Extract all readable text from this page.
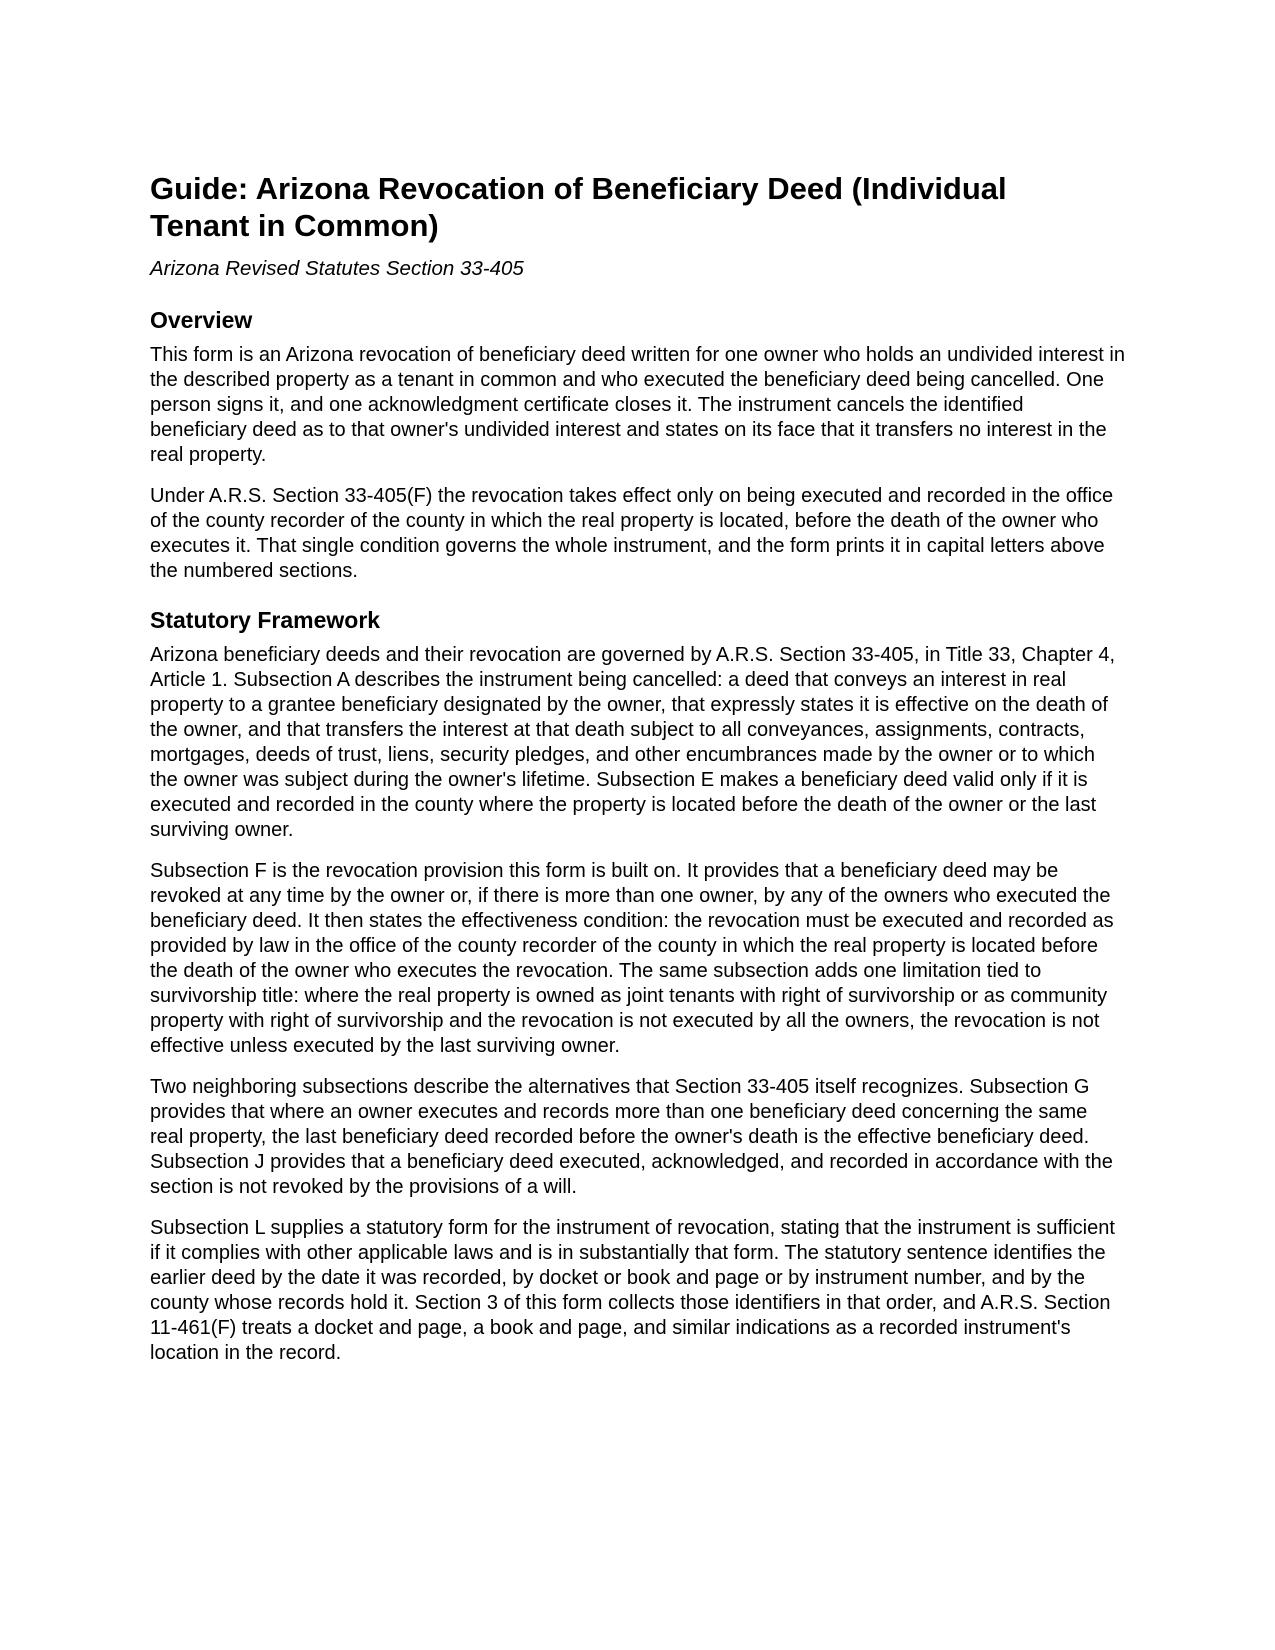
Guide: Arizona Revocation of Beneficiary Deed (Individual Tenant in Common)
Arizona Revised Statutes Section 33-405
Overview

This form is an Arizona revocation of beneficiary deed written for one owner who holds an undivided interest in the described property as a tenant in common and who executed the beneficiary deed being cancelled. One person signs it, and one acknowledgment certificate closes it. The instrument cancels the identified beneficiary deed as to that owner's undivided interest and states on its face that it transfers no interest in the real property.

Under A.R.S. Section 33-405(F) the revocation takes effect only on being executed and recorded in the office of the county recorder of the county in which the real property is located, before the death of the owner who executes it. That single condition governs the whole instrument, and the form prints it in capital letters above the numbered sections.

Statutory Framework

Arizona beneficiary deeds and their revocation are governed by A.R.S. Section 33-405, in Title 33, Chapter 4, Article 1. Subsection A describes the instrument being cancelled: a deed that conveys an interest in real property to a grantee beneficiary designated by the owner, that expressly states it is effective on the death of the owner, and that transfers the interest at that death subject to all conveyances, assignments, contracts, mortgages, deeds of trust, liens, security pledges, and other encumbrances made by the owner or to which the owner was subject during the owner's lifetime. Subsection E makes a beneficiary deed valid only if it is executed and recorded in the county where the property is located before the death of the owner or the last surviving owner.

Subsection F is the revocation provision this form is built on. It provides that a beneficiary deed may be revoked at any time by the owner or, if there is more than one owner, by any of the owners who executed the beneficiary deed. It then states the effectiveness condition: the revocation must be executed and recorded as provided by law in the office of the county recorder of the county in which the real property is located before the death of the owner who executes the revocation. The same subsection adds one limitation tied to survivorship title: where the real property is owned as joint tenants with right of survivorship or as community property with right of survivorship and the revocation is not executed by all the owners, the revocation is not effective unless executed by the last surviving owner.

Two neighboring subsections describe the alternatives that Section 33-405 itself recognizes. Subsection G provides that where an owner executes and records more than one beneficiary deed concerning the same real property, the last beneficiary deed recorded before the owner's death is the effective beneficiary deed. Subsection J provides that a beneficiary deed executed, acknowledged, and recorded in accordance with the section is not revoked by the provisions of a will.

Subsection L supplies a statutory form for the instrument of revocation, stating that the instrument is sufficient if it complies with other applicable laws and is in substantially that form. The statutory sentence identifies the earlier deed by the date it was recorded, by docket or book and page or by instrument number, and by the county whose records hold it. Section 3 of this form collects those identifiers in that order, and A.R.S. Section 11-461(F) treats a docket and page, a book and page, and similar indications as a recorded instrument's location in the record.
